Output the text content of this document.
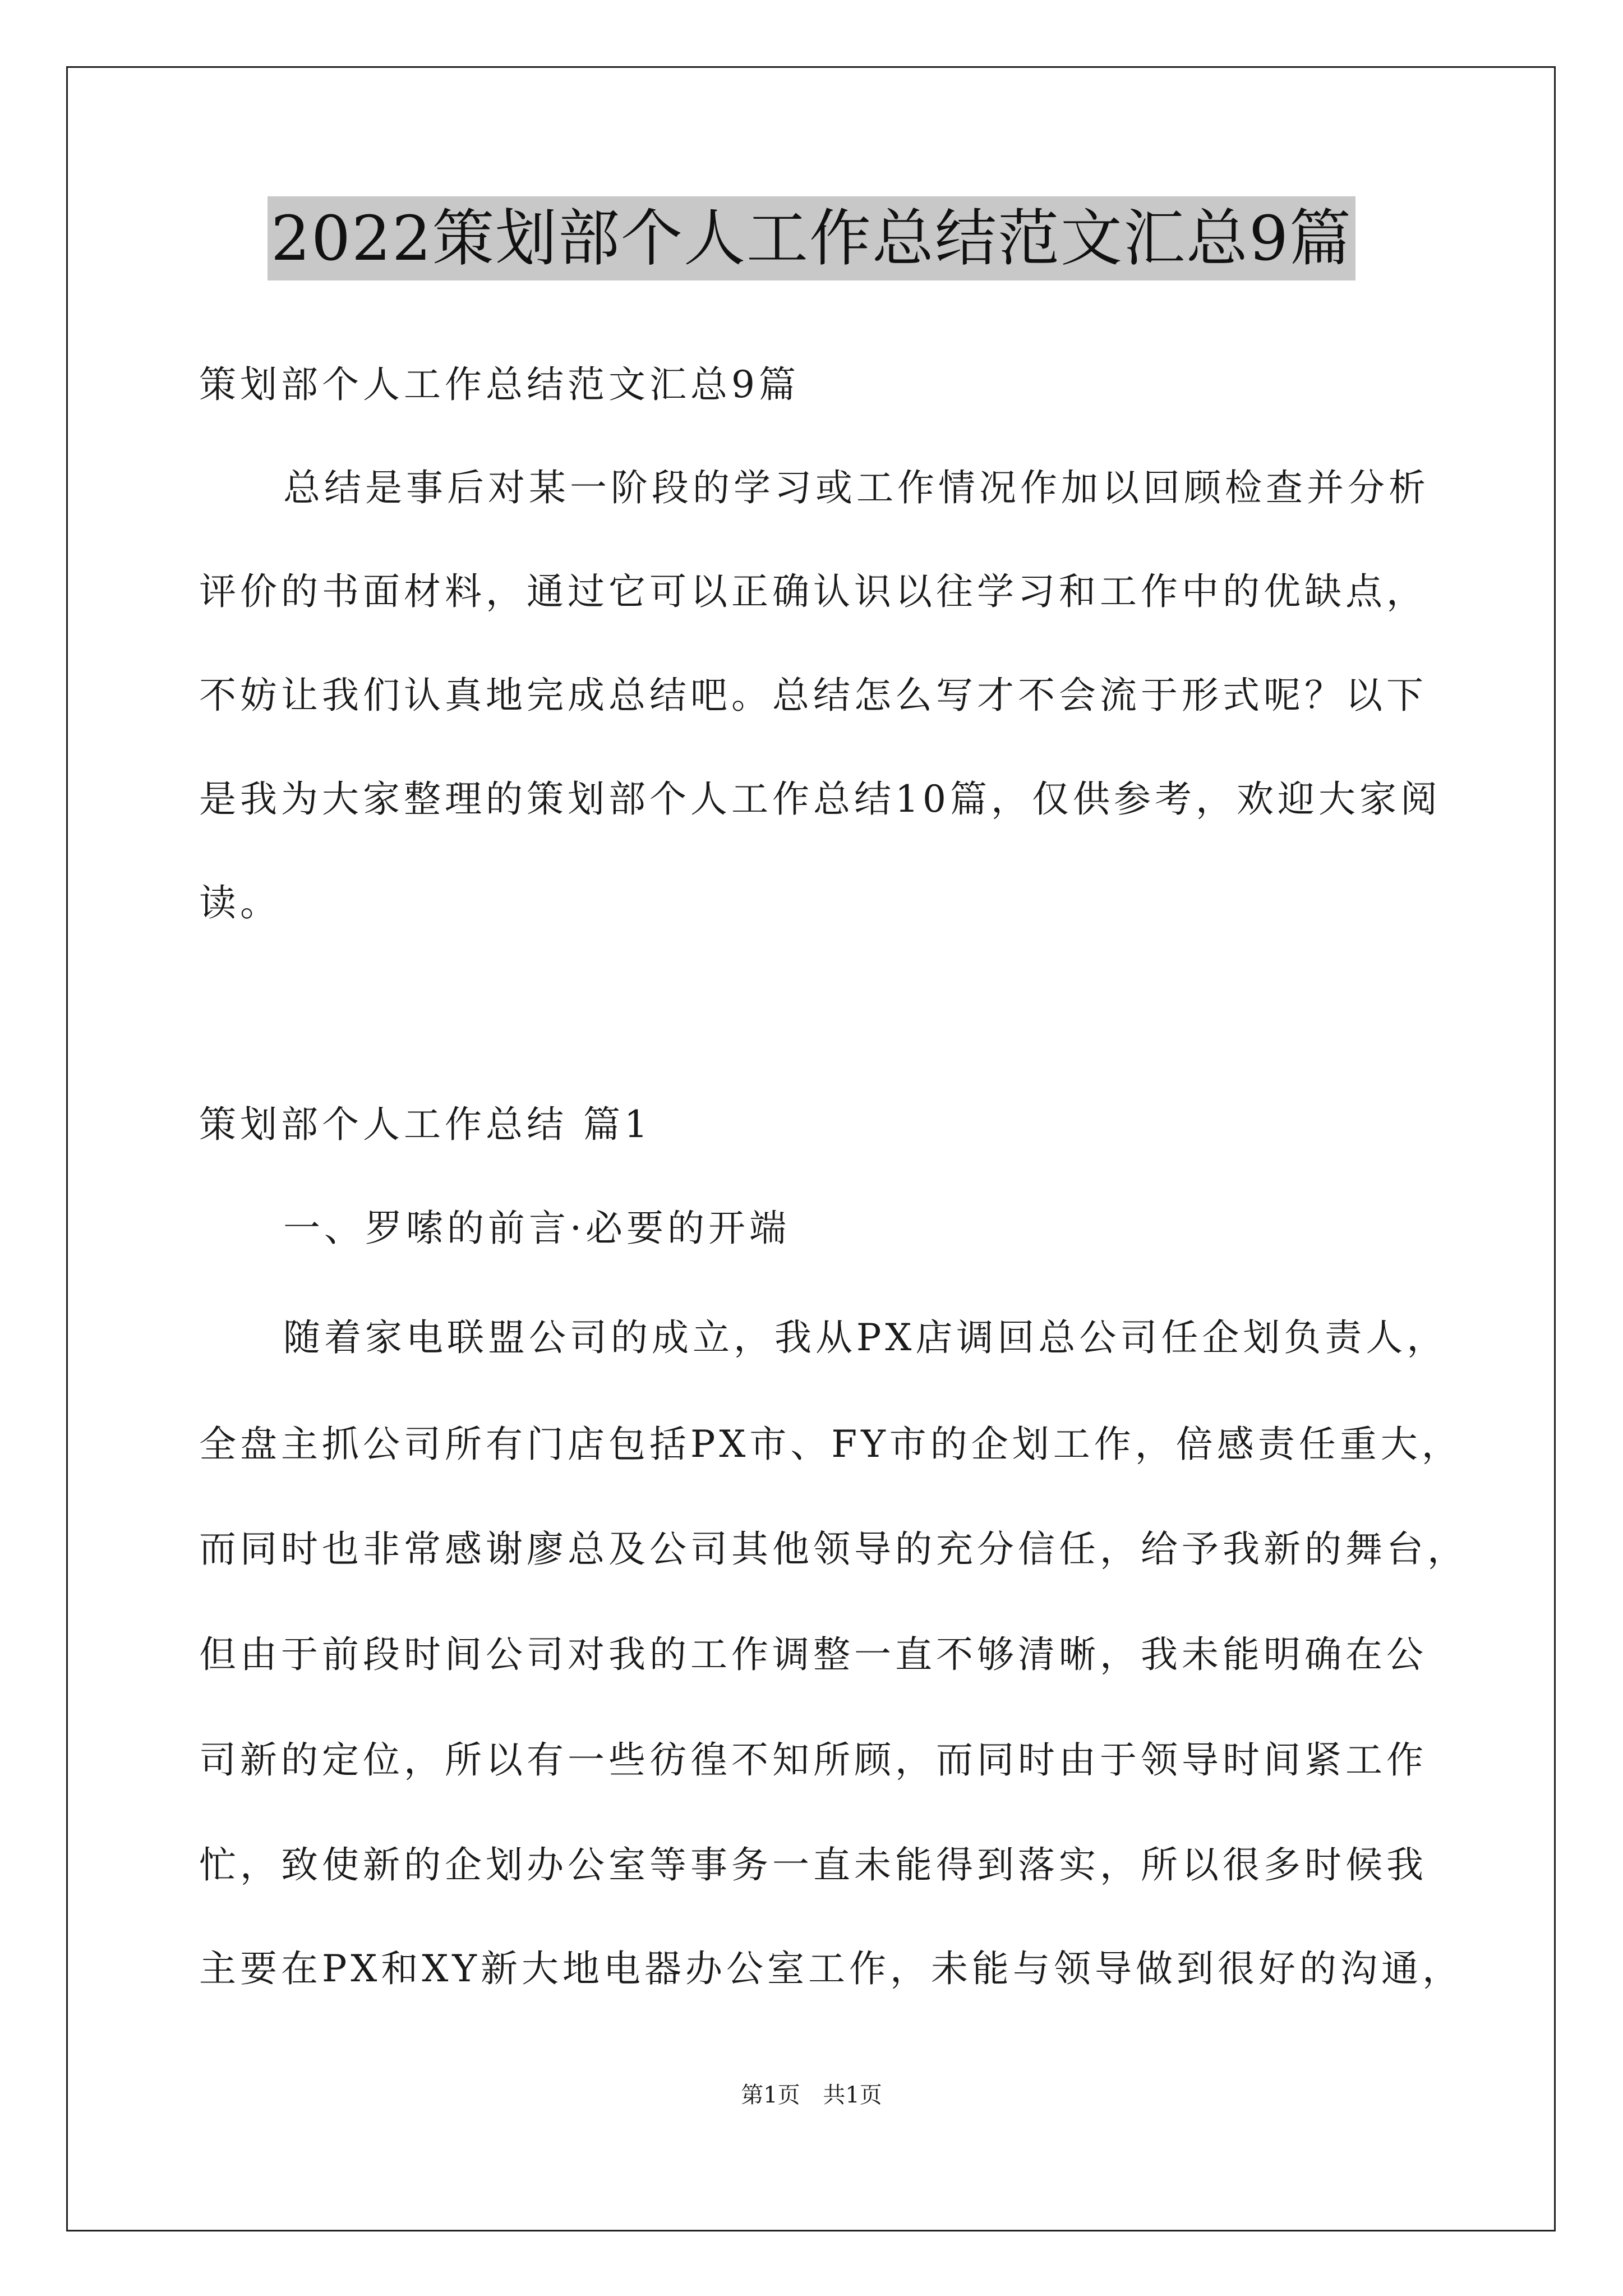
2022策划部个人工作总结范文汇总9篇
策划部个人工作总结范文汇总9篇
总结是事后对某一阶段的学习或工作情况作加以回顾检查并分析
评价的书面材料，通过它可以正确认识以往学习和工作中的优缺点，
不妨让我们认真地完成总结吧。总结怎么写才不会流于形式呢？以下
是我为大家整理的策划部个人工作总结10篇，仅供参考，欢迎大家阅
读。
策划部个人工作总结 篇1
一、罗嗦的前言·必要的开端
随着家电联盟公司的成立，我从PX店调回总公司任企划负责人，
全盘主抓公司所有门店包括PX市、FY市的企划工作，倍感责任重大，
而同时也非常感谢廖总及公司其他领导的充分信任，给予我新的舞台，
但由于前段时间公司对我的工作调整一直不够清晰，我未能明确在公
司新的定位，所以有一些彷徨不知所顾，而同时由于领导时间紧工作
忙，致使新的企划办公室等事务一直未能得到落实，所以很多时候我
主要在PX和XY新大地电器办公室工作，未能与领导做到很好的沟通，
第1页 共1页
